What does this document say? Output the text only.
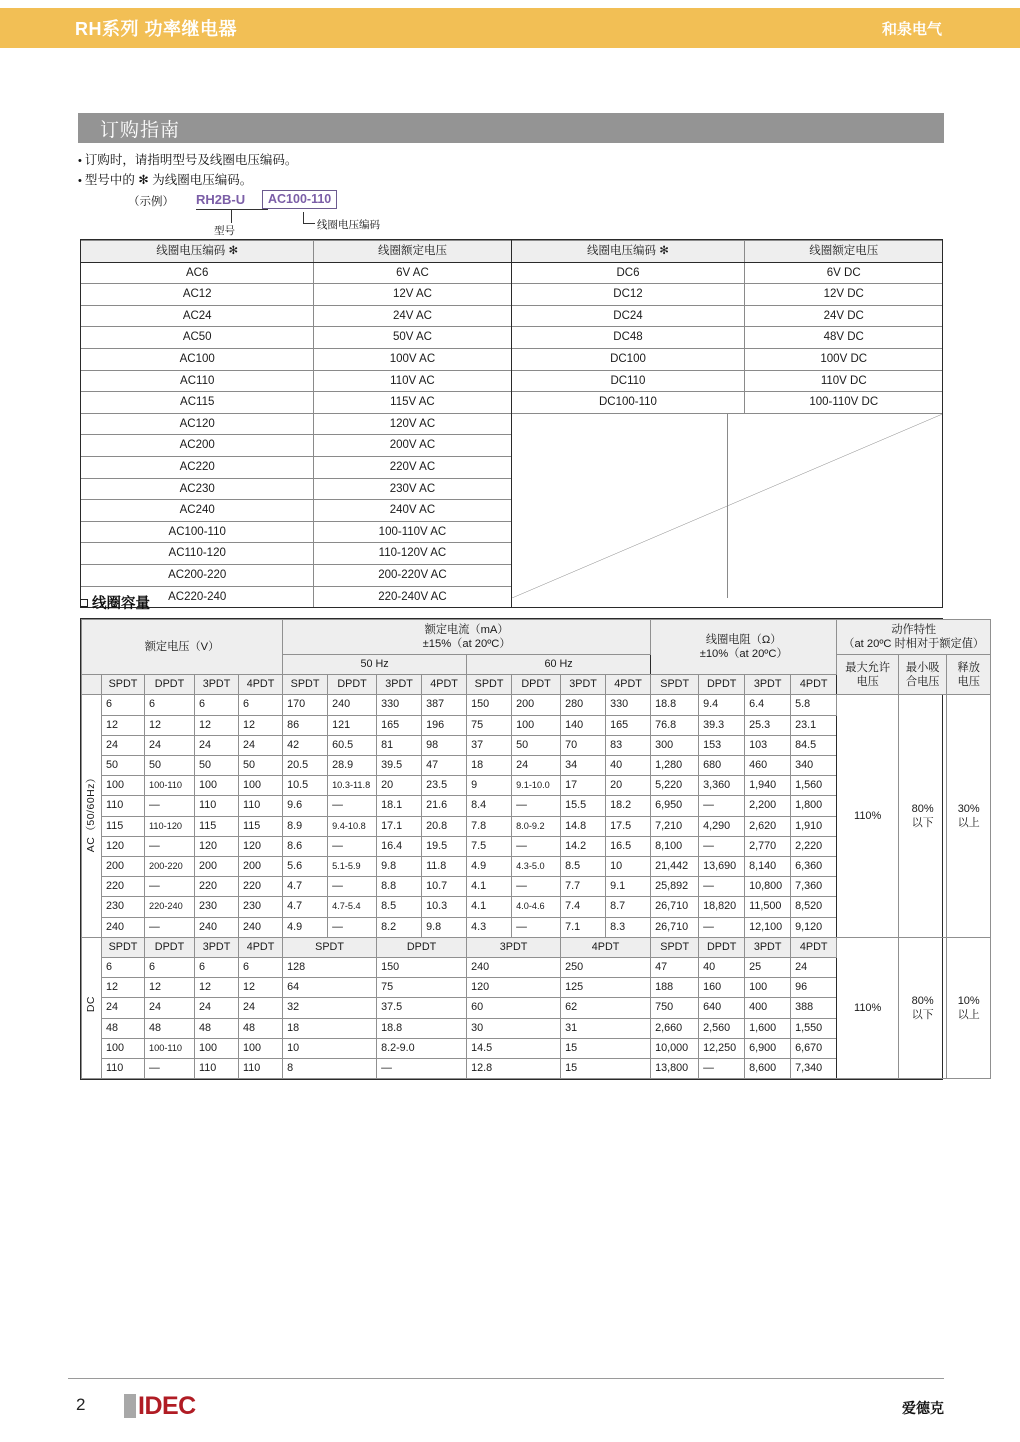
RH系列 功率继电器	和泉电气
订购指南
• 订购时，请指明型号及线圈电压编码。
• 型号中的 ✻ 为线圈电压编码。
（示例） RH2B-U	AC100-110
型号	线圈电压编码
线圈电压编码 ✻	线圈额定电压
AC6	6V AC
AC12	12V AC
AC24	24V AC
AC50	50V AC
AC100	100V AC
AC110	110V AC
AC115	115V AC
AC120	120V AC
AC200	200V AC
AC220	220V AC
AC230	230V AC
AC240	240V AC
AC100-110	100-110V AC
AC110-120	110-120V AC
AC200-220	200-220V AC
AC220-240	220-240V AC
线圈电压编码 ✻	线圈额定电压
DC6	6V DC
DC12	12V DC
DC24	24V DC
DC48	48V DC
DC100	100V DC
DC110	110V DC
DC100-110	100-110V DC
线圈容量
额定电压（V）	
额定电流（mA）
±15%（at 20ºC）	线圈电阻（Ω）
±10%（at 20ºC）

动作特性
（at 20ºC 时相对于额定值）

50 Hz	60 Hz	最大允许
电压

最小吸
合电压

释放
电压

	SPDT	DPDT	3PDT	4PDT	SPDT	DPDT	3PDT	4PDT	SPDT	DPDT	3PDT	4PDT	SPDT	DPDT	3PDT	4PDT			
AC（50/60Hz）	6	6	6	6	170	240	330	387	150	200	280	330	18.8	9.4	6.4	5.8	
110%

80%
以下

30%
以上

	12	12	12	12	86	121	165	196	75	100	140	165	76.8	39.3	25.3	23.1			
	24	24	24	24	42	60.5	81	98	37	50	70	83	300	153	103	84.5			
	50	50	50	50	20.5	28.9	39.5	47	18	24	34	40	1,280	680	460	340			
	100	100-110	100	100	10.5	10.3-11.8	20	23.5	9	9.1-10.0	17	20	5,220	3,360	1,940	1,560			
	110	—	110	110	9.6	—	18.1	21.6	8.4	—	15.5	18.2	6,950	—	2,200	1,800			
	115	110-120	115	115	8.9	9.4-10.8	17.1	20.8	7.8	8.0-9.2	14.8	17.5	7,210	4,290	2,620	1,910			
	120	—	120	120	8.6	—	16.4	19.5	7.5	—	14.2	16.5	8,100	—	2,770	2,220			
	200	200-220	200	200	5.6	5.1-5.9	9.8	11.8	4.9	4.3-5.0	8.5	10	21,442	13,690	8,140	6,360			
	220	—	220	220	4.7	—	8.8	10.7	4.1	—	7.7	9.1	25,892	—	10,800	7,360			
	230	220-240	230	230	4.7	4.7-5.4	8.5	10.3	4.1	4.0-4.6	7.4	8.7	26,710	18,820	11,500	8,520			
	240	—	240	240	4.9	—	8.2	9.8	4.3	—	7.1	8.3	26,710	—	12,100	9,120			
DC	SPDT	DPDT	3PDT	4PDT	SPDT	DPDT	3PDT	4PDT	SPDT	DPDT	3PDT	4PDT	
110%

80%
以下

10%
以上

	6	6	6	6	128		150		240		250		47	40	25	24			
	12	12	12	12	64		75		120		125		188	160	100	96			
	24	24	24	24	32		37.5		60		62		750	640	400	388			
	48	48	48	48	18		18.8		30		31		2,660	2,560	1,600	1,550			
	100	100-110	100	100	10		8.2-9.0		14.5		15		10,000	12,250	6,900	6,670			
	110	—	110	110	8		—		12.8		15		13,800	—	8,600	7,340			
2 IDEC	爱德克
